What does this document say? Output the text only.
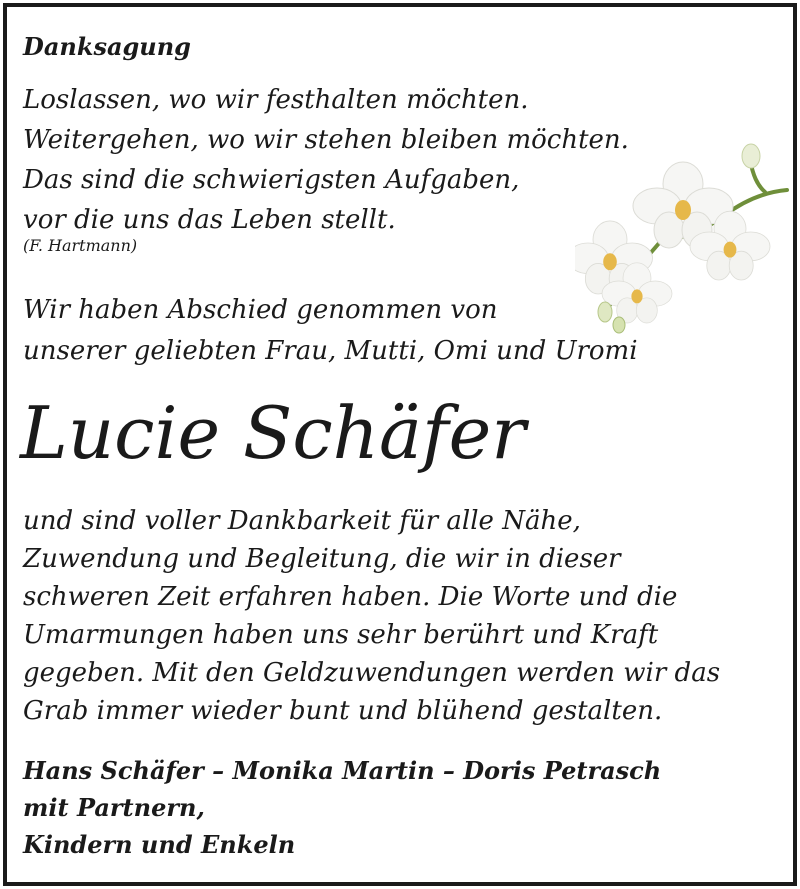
Danksagung

Loslassen, wo wir festhalten möchten.
Weitergehen, wo wir stehen bleiben möchten.
Das sind die schwierigsten Aufgaben,
vor die uns das Leben stellt.

(F. Hartmann)

Wir haben Abschied genommen von
unserer geliebten Frau, Mutti, Omi und Uromi

Lucie Schäfer

und sind voller Dankbarkeit für alle Nähe,
Zuwendung und Begleitung, die wir in dieser
schweren Zeit erfahren haben. Die Worte und die
Umarmungen haben uns sehr berührt und Kraft
gegeben. Mit den Geldzuwendungen werden wir das
Grab immer wieder bunt und blühend gestalten.

Hans Schäfer – Monika Martin – Doris Petrasch
mit Partnern,
Kindern und Enkeln
